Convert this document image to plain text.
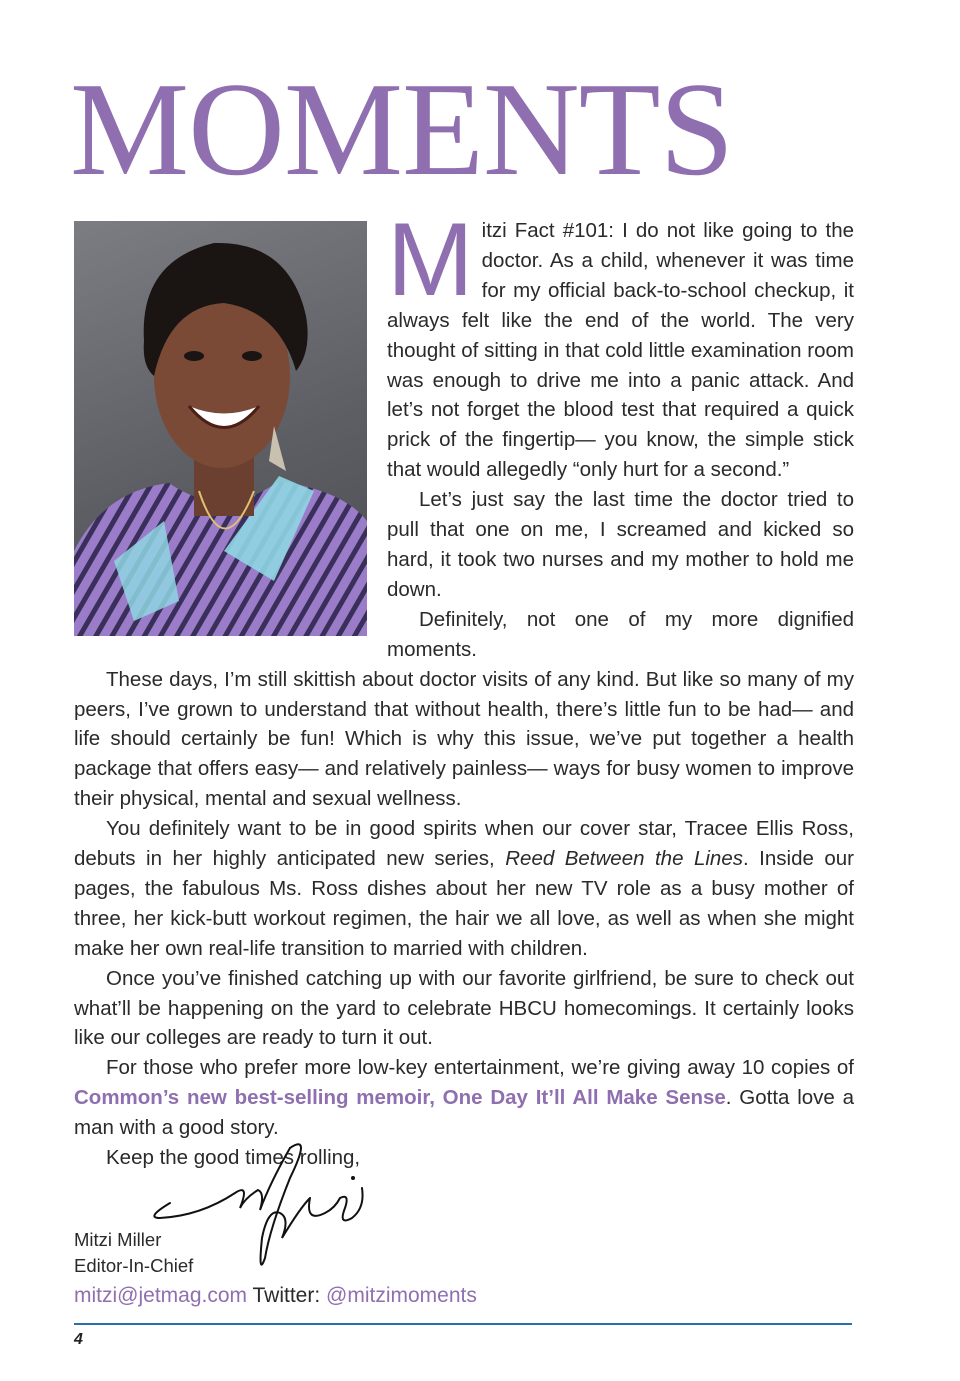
MOMENTS

Mitzi Fact #101: I do not like going to the doctor. As a child, whenever it was time for my official back-to-school checkup, it always felt like the end of the world. The very thought of sitting in that cold little examination room was enough to drive me into a panic attack. And let’s not forget the blood test that required a quick prick of the fingertip— you know, the simple stick that would allegedly “only hurt for a second.”

Let’s just say the last time the doctor tried to pull that one on me, I screamed and kicked so hard, it took two nurses and my mother to hold me down.

Definitely, not one of my more dignified moments.

These days, I’m still skittish about doctor visits of any kind. But like so many of my peers, I’ve grown to understand that without health, there’s little fun to be had— and life should certainly be fun! Which is why this issue, we’ve put together a health package that offers easy— and relatively painless— ways for busy women to improve their physical, mental and sexual wellness.

You definitely want to be in good spirits when our cover star, Tracee Ellis Ross, debuts in her highly anticipated new series, Reed Between the Lines. Inside our pages, the fabulous Ms. Ross dishes about her new TV role as a busy mother of three, her kick-butt workout regimen, the hair we all love, as well as when she might make her own real-life transition to married with children.

Once you’ve finished catching up with our favorite girlfriend, be sure to check out what’ll be happening on the yard to celebrate HBCU homecomings. It certainly looks like our colleges are ready to turn it out.

For those who prefer more low-key entertainment, we’re giving away 10 copies of Common’s new best-selling memoir, One Day It’ll All Make Sense. Gotta love a man with a good story.

Keep the good times rolling,

Mitzi Miller
Editor-In-Chief
mitzi@jetmag.com Twitter: @mitzimoments
4
